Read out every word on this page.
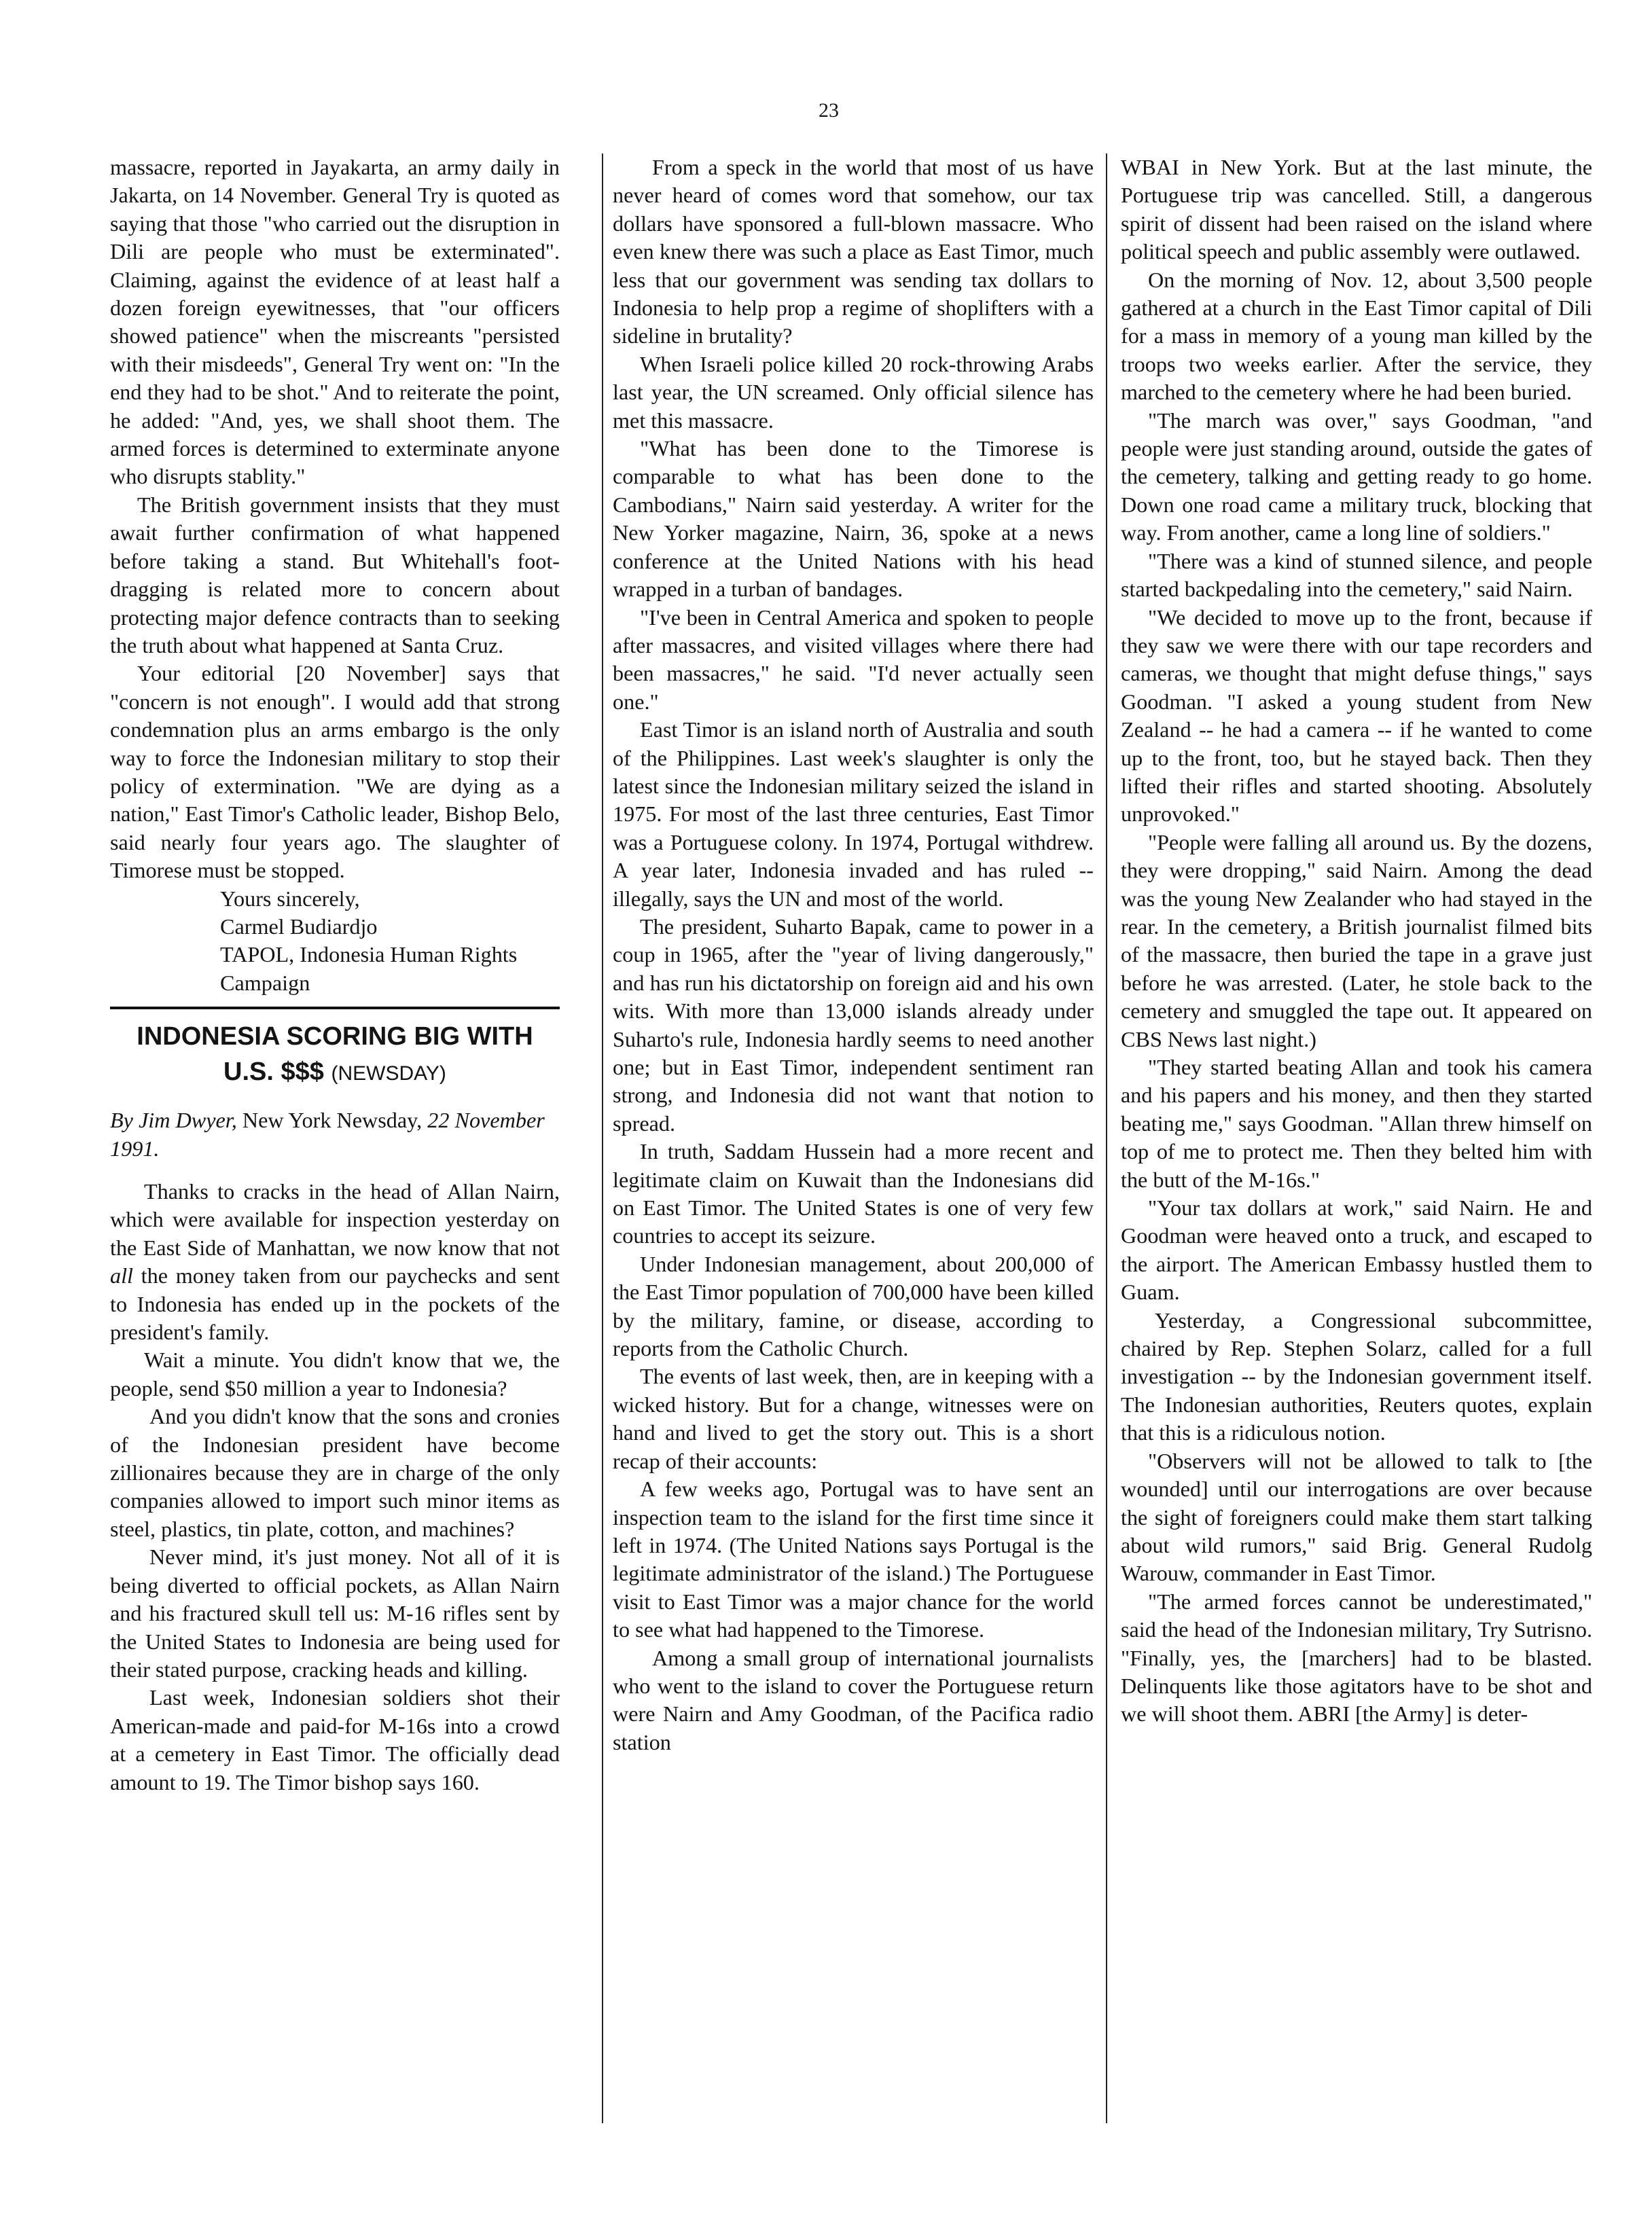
23

massacre, reported in Jayakarta, an army daily in Jakarta, on 14 November. General Try is quoted as saying that those "who carried out the disruption in Dili are people who must be exterminated". Claiming, against the evidence of at least half a dozen foreign eyewitnesses, that "our officers showed patience" when the miscreants "persisted with their misdeeds", General Try went on: "In the end they had to be shot." And to reiterate the point, he added: "And, yes, we shall shoot them. The armed forces is determined to exterminate anyone who disrupts stablity."

The British government insists that they must await further confirmation of what happened before taking a stand. But Whitehall's foot-dragging is related more to concern about protecting major defence contracts than to seeking the truth about what happened at Santa Cruz.

Your editorial [20 November] says that "concern is not enough". I would add that strong condemnation plus an arms embargo is the only way to force the Indonesian military to stop their policy of extermination. "We are dying as a nation," East Timor's Catholic leader, Bishop Belo, said nearly four years ago. The slaughter of Timorese must be stopped.

Yours sincerely,

Carmel Budiardjo

TAPOL, Indonesia Human Rights Campaign

INDONESIA SCORING BIG WITH U.S. $$$ (NEWSDAY)

By Jim Dwyer, New York Newsday, 22 November 1991.

Thanks to cracks in the head of Allan Nairn, which were available for inspection yesterday on the East Side of Manhattan, we now know that not all the money taken from our paychecks and sent to Indonesia has ended up in the pockets of the president's family.

Wait a minute. You didn't know that we, the people, send $50 million a year to Indonesia?

And you didn't know that the sons and cronies of the Indonesian president have become zillionaires because they are in charge of the only companies allowed to import such minor items as steel, plastics, tin plate, cotton, and machines?

Never mind, it's just money. Not all of it is being diverted to official pockets, as Allan Nairn and his fractured skull tell us: M-16 rifles sent by the United States to Indonesia are being used for their stated purpose, cracking heads and killing.

Last week, Indonesian soldiers shot their American-made and paid-for M-16s into a crowd at a cemetery in East Timor. The officially dead amount to 19. The Timor bishop says 160.

From a speck in the world that most of us have never heard of comes word that somehow, our tax dollars have sponsored a full-blown massacre. Who even knew there was such a place as East Timor, much less that our government was sending tax dollars to Indonesia to help prop a regime of shoplifters with a sideline in brutality?

When Israeli police killed 20 rock-throwing Arabs last year, the UN screamed. Only official silence has met this massacre.

"What has been done to the Timorese is comparable to what has been done to the Cambodians," Nairn said yesterday. A writer for the New Yorker magazine, Nairn, 36, spoke at a news conference at the United Nations with his head wrapped in a turban of bandages.

"I've been in Central America and spoken to people after massacres, and visited villages where there had been massacres," he said. "I'd never actually seen one."

East Timor is an island north of Australia and south of the Philippines. Last week's slaughter is only the latest since the Indonesian military seized the island in 1975. For most of the last three centuries, East Timor was a Portuguese colony. In 1974, Portugal withdrew. A year later, Indonesia invaded and has ruled -- illegally, says the UN and most of the world.

The president, Suharto Bapak, came to power in a coup in 1965, after the "year of living dangerously," and has run his dictatorship on foreign aid and his own wits. With more than 13,000 islands already under Suharto's rule, Indonesia hardly seems to need another one; but in East Timor, independent sentiment ran strong, and Indonesia did not want that notion to spread.

In truth, Saddam Hussein had a more recent and legitimate claim on Kuwait than the Indonesians did on East Timor. The United States is one of very few countries to accept its seizure.

Under Indonesian management, about 200,000 of the East Timor population of 700,000 have been killed by the military, famine, or disease, according to reports from the Catholic Church.

The events of last week, then, are in keeping with a wicked history. But for a change, witnesses were on hand and lived to get the story out. This is a short recap of their accounts:

A few weeks ago, Portugal was to have sent an inspection team to the island for the first time since it left in 1974. (The United Nations says Portugal is the legitimate administrator of the island.) The Portuguese visit to East Timor was a major chance for the world to see what had happened to the Timorese.

Among a small group of international journalists who went to the island to cover the Portuguese return were Nairn and Amy Goodman, of the Pacifica radio station

WBAI in New York. But at the last minute, the Portuguese trip was cancelled. Still, a dangerous spirit of dissent had been raised on the island where political speech and public assembly were outlawed.

On the morning of Nov. 12, about 3,500 people gathered at a church in the East Timor capital of Dili for a mass in memory of a young man killed by the troops two weeks earlier. After the service, they marched to the cemetery where he had been buried.

"The march was over," says Goodman, "and people were just standing around, outside the gates of the cemetery, talking and getting ready to go home. Down one road came a military truck, blocking that way. From another, came a long line of soldiers."

"There was a kind of stunned silence, and people started backpedaling into the cemetery," said Nairn.

"We decided to move up to the front, because if they saw we were there with our tape recorders and cameras, we thought that might defuse things," says Goodman. "I asked a young student from New Zealand -- he had a camera -- if he wanted to come up to the front, too, but he stayed back. Then they lifted their rifles and started shooting. Absolutely unprovoked."

"People were falling all around us. By the dozens, they were dropping," said Nairn. Among the dead was the young New Zealander who had stayed in the rear. In the cemetery, a British journalist filmed bits of the massacre, then buried the tape in a grave just before he was arrested. (Later, he stole back to the cemetery and smuggled the tape out. It appeared on CBS News last night.)

"They started beating Allan and took his camera and his papers and his money, and then they started beating me," says Goodman. "Allan threw himself on top of me to protect me. Then they belted him with the butt of the M-16s."

"Your tax dollars at work," said Nairn. He and Goodman were heaved onto a truck, and escaped to the airport. The American Embassy hustled them to Guam.

Yesterday, a Congressional subcommittee, chaired by Rep. Stephen Solarz, called for a full investigation -- by the Indonesian government itself. The Indonesian authorities, Reuters quotes, explain that this is a ridiculous notion.

"Observers will not be allowed to talk to [the wounded] until our interrogations are over because the sight of foreigners could make them start talking about wild rumors," said Brig. General Rudolg Warouw, commander in East Timor.

"The armed forces cannot be underestimated," said the head of the Indonesian military, Try Sutrisno. "Finally, yes, the [marchers] had to be blasted. Delinquents like those agitators have to be shot and we will shoot them. ABRI [the Army] is deter-
